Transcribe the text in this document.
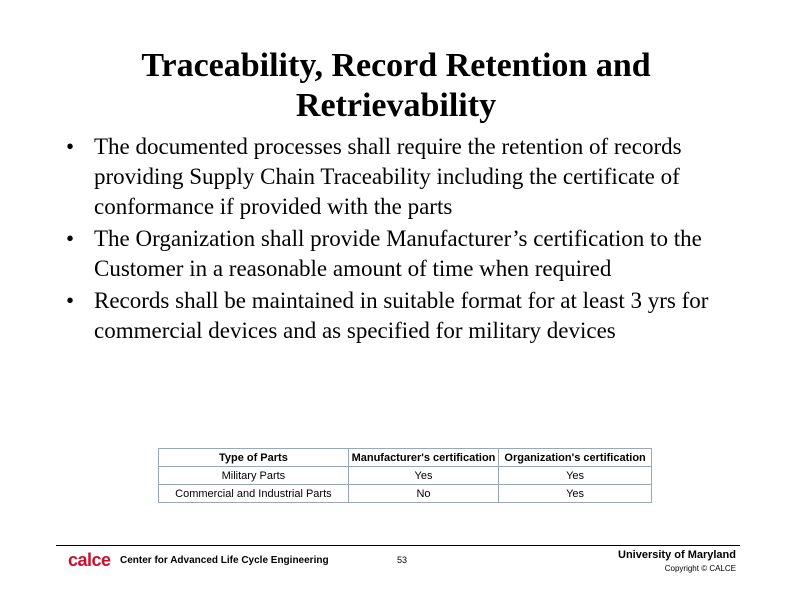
Traceability, Record Retention and
Retrievability
• The documented processes shall require the retention of records providing Supply Chain Traceability including the certificate of conformance if provided with the parts
• The Organization shall provide Manufacturer’s certification to the Customer in a reasonable amount of time when required
• Records shall be maintained in suitable format for at least 3 yrs for commercial devices and as specified for military devices
Type of Parts	Manufacturer's certification	Organization's certification
Military Parts	Yes	Yes
Commercial and Industrial Parts	No	Yes
calce Center for Advanced Life Cycle Engineering	53	University of Maryland
Copyright © CALCE
